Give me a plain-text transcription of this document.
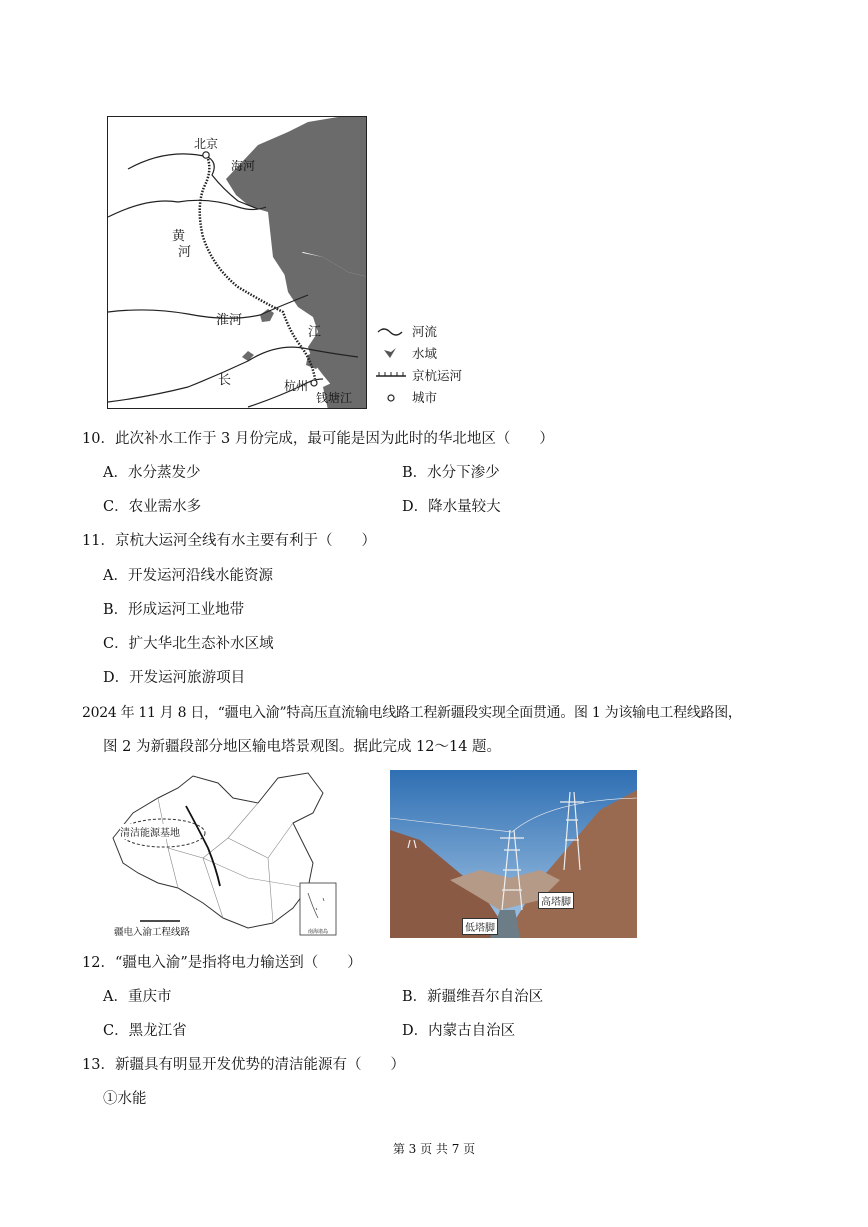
北京
海河
黄
河
淮河
江
长	杭州
钱塘江
河流
水域
京杭运河
城市
10．此次补水工作于 3 月份完成，最可能是因为此时的华北地区（　　）
A．水分蒸发少	B．水分下渗少
C．农业需水多	D．降水量较大
11．京杭大运河全线有水主要有利于（　　）
A．开发运河沿线水能资源
B．形成运河工业地带
C．扩大华北生态补水区域
D．开发运河旅游项目
2024 年 11 月 8 日，“疆电入渝”特高压直流输电线路工程新疆段实现全面贯通。图 1 为该输电工程线路图，
图 2 为新疆段部分地区输电塔景观图。据此完成 12～14 题。
清洁能源基地
疆电入渝工程线路	南海诸岛	低塔脚
高塔脚
12．“疆电入渝”是指将电力输送到（　　）
A．重庆市	B．新疆维吾尔自治区
C．黑龙江省	D．内蒙古自治区
13．新疆具有明显开发优势的清洁能源有（　　）
①水能
第 3 页 共 7 页
